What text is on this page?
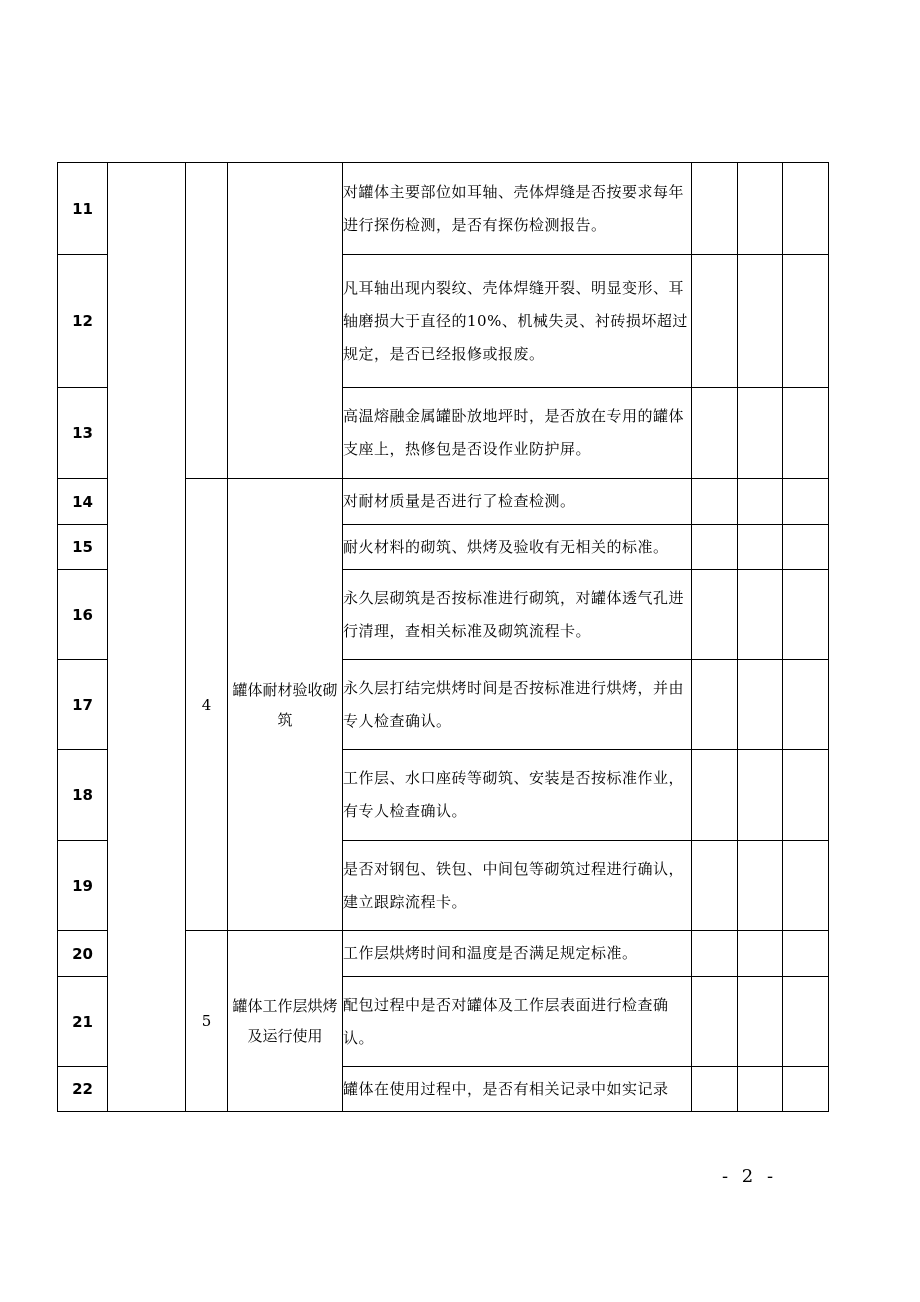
11				对罐体主要部位如耳轴、壳体焊缝是否按要求每年进行探伤检测，是否有探伤检测报告。			
12				凡耳轴出现内裂纹、壳体焊缝开裂、明显变形、耳轴磨损大于直径的10%、机械失灵、衬砖损坏超过规定，是否已经报修或报废。			
13				高温熔融金属罐卧放地坪时，是否放在专用的罐体支座上，热修包是否设作业防护屏。			
14		4	罐体耐材验收砌筑	对耐材质量是否进行了检查检测。			
15				耐火材料的砌筑、烘烤及验收有无相关的标准。			
16				永久层砌筑是否按标准进行砌筑，对罐体透气孔进行清理，查相关标准及砌筑流程卡。			
17				永久层打结完烘烤时间是否按标准进行烘烤，并由专人检查确认。			
18				工作层、水口座砖等砌筑、安装是否按标准作业，有专人检查确认。			
19				是否对钢包、铁包、中间包等砌筑过程进行确认，建立跟踪流程卡。			
20		5	罐体工作层烘烤及运行使用	工作层烘烤时间和温度是否满足规定标准。			
21				配包过程中是否对罐体及工作层表面进行检查确认。			
22				罐体在使用过程中，是否有相关记录中如实记录			
- 2 -
